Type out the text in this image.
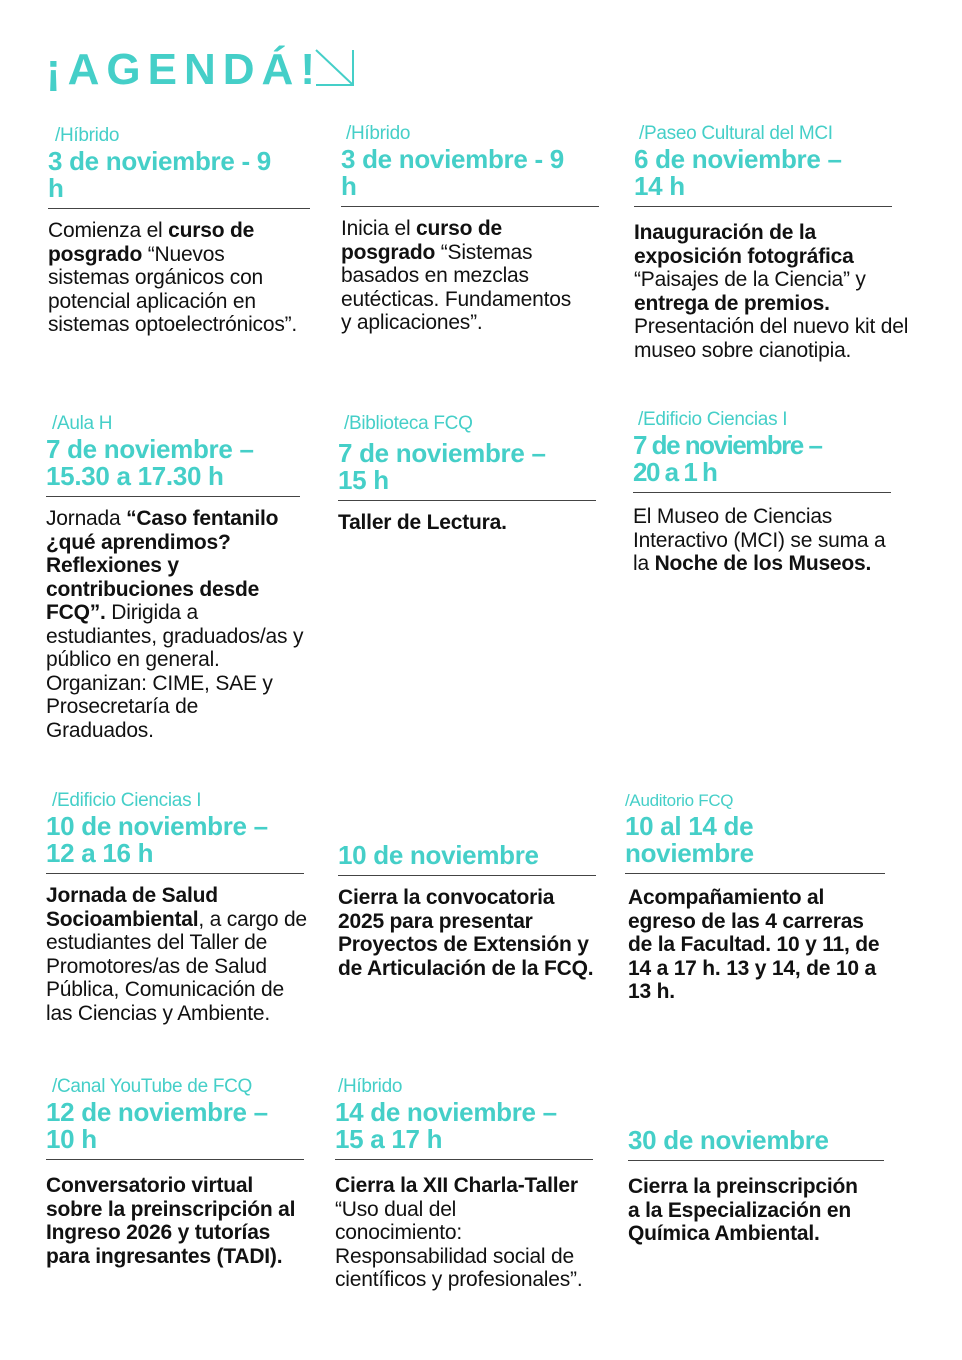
¡AGENDÁ!
/Híbrido
3 de noviembre - 9 h
Comienza el curso de posgrado “Nuevos sistemas orgánicos con potencial aplicación en sistemas optoelectrónicos”.
/Híbrido
3 de noviembre - 9 h
Inicia el curso de posgrado “Sistemas basados en mezclas eutécticas. Fundamentos y aplicaciones”.
/Paseo Cultural del MCI
6 de noviembre – 14 h
Inauguración de la exposición fotográfica “Paisajes de la Ciencia” y entrega de premios. Presentación del nuevo kit del museo sobre cianotipia.
/Aula H
7 de noviembre – 15.30 a 17.30 h
Jornada “Caso fentanilo ¿qué aprendimos? Reflexiones y contribuciones desde FCQ”. Dirigida a estudiantes, graduados/as y público en general. Organizan: CIME, SAE y Prosecretaría de Graduados.
/Biblioteca FCQ
7 de noviembre – 15 h
Taller de Lectura.
/Edificio Ciencias I
7 de noviembre – 20 a 1 h
El Museo de Ciencias Interactivo (MCI) se suma a la Noche de los Museos.
/Edificio Ciencias I
10 de noviembre – 12 a 16 h
Jornada de Salud Socioambiental, a cargo de estudiantes del Taller de Promotores/as de Salud Pública, Comunicación de las Ciencias y Ambiente.
10 de noviembre
Cierra la convocatoria 2025 para presentar Proyectos de Extensión y de Articulación de la FCQ.
/Auditorio FCQ
10 al 14 de noviembre
Acompañamiento al egreso de las 4 carreras de la Facultad. 10 y 11, de 14 a 17 h. 13 y 14, de 10 a 13 h.
/Canal YouTube de FCQ
12 de noviembre – 10 h
Conversatorio virtual sobre la preinscripción al Ingreso 2026 y tutorías para ingresantes (TADI).
/Híbrido
14 de noviembre – 15 a 17 h
Cierra la XII Charla-Taller “Uso dual del conocimiento: Responsabilidad social de científicos y profesionales”.
30 de noviembre
Cierra la preinscripción a la Especialización en Química Ambiental.
